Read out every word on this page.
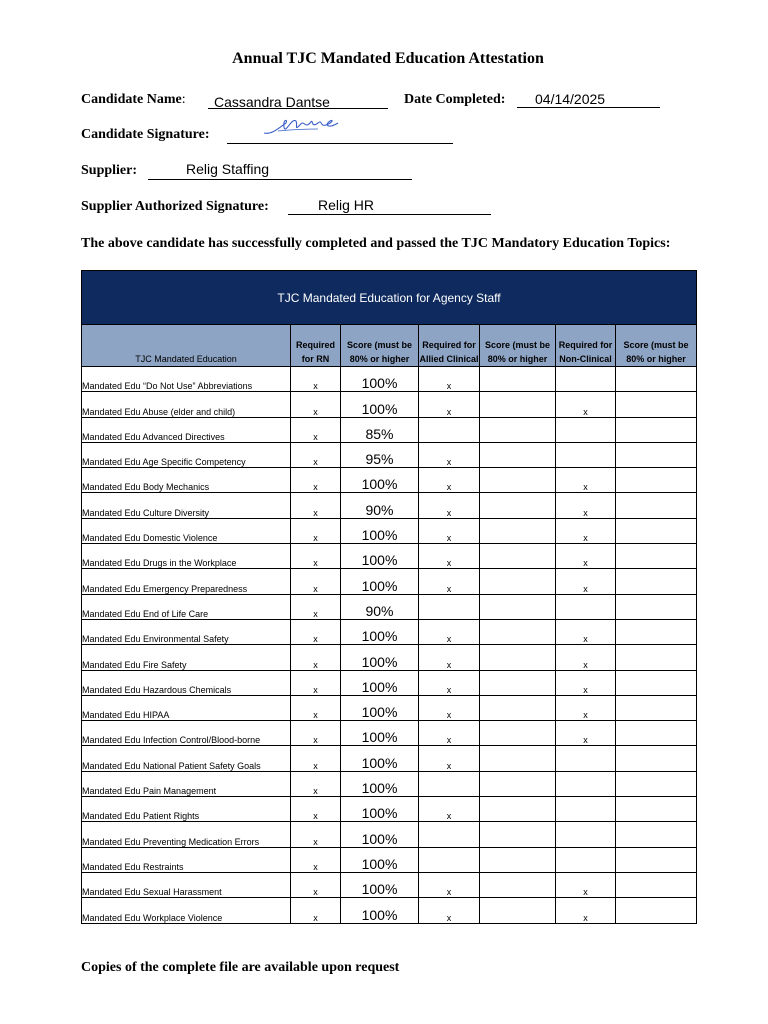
Annual TJC Mandated Education Attestation
Candidate Name: Cassandra Dantse	Date Completed: 04/14/2025
Candidate Signature:
Supplier:	Relig Staffing
Supplier Authorized Signature:	Relig HR
The above candidate has successfully completed and passed the TJC Mandatory Education Topics:
TJC Mandated Education for Agency Staff						
TJC Mandated Education	Required for RN	Score (must be 80% or higher	Required for Allied Clinical	Score (must be 80% or higher	Required for Non-Clinical	Score (must be 80% or higher
Mandated Edu “Do Not Use” Abbreviations	x	100%	x			
Mandated Edu Abuse (elder and child)	x	100%	x		x	
Mandated Edu Advanced Directives	x	85%				
Mandated Edu Age Specific Competency	x	95%	x			
Mandated Edu Body Mechanics	x	100%	x		x	
Mandated Edu Culture Diversity	x	90%	x		x	
Mandated Edu Domestic Violence	x	100%	x		x	
Mandated Edu Drugs in the Workplace	x	100%	x		x	
Mandated Edu Emergency Preparedness	x	100%	x		x	
Mandated Edu End of Life Care	x	90%				
Mandated Edu Environmental Safety	x	100%	x		x	
Mandated Edu Fire Safety	x	100%	x		x	
Mandated Edu Hazardous Chemicals	x	100%	x		x	
Mandated Edu HIPAA	x	100%	x		x	
Mandated Edu Infection Control/Blood-borne	x	100%	x		x	
Mandated Edu National Patient Safety Goals	x	100%	x			
Mandated Edu Pain Management	x	100%				
Mandated Edu Patient Rights	x	100%	x			
Mandated Edu Preventing Medication Errors	x	100%				
Mandated Edu Restraints	x	100%				
Mandated Edu Sexual Harassment	x	100%	x		x	
Mandated Edu Workplace Violence	x	100%	x		x	
Copies of the complete file are available upon request
